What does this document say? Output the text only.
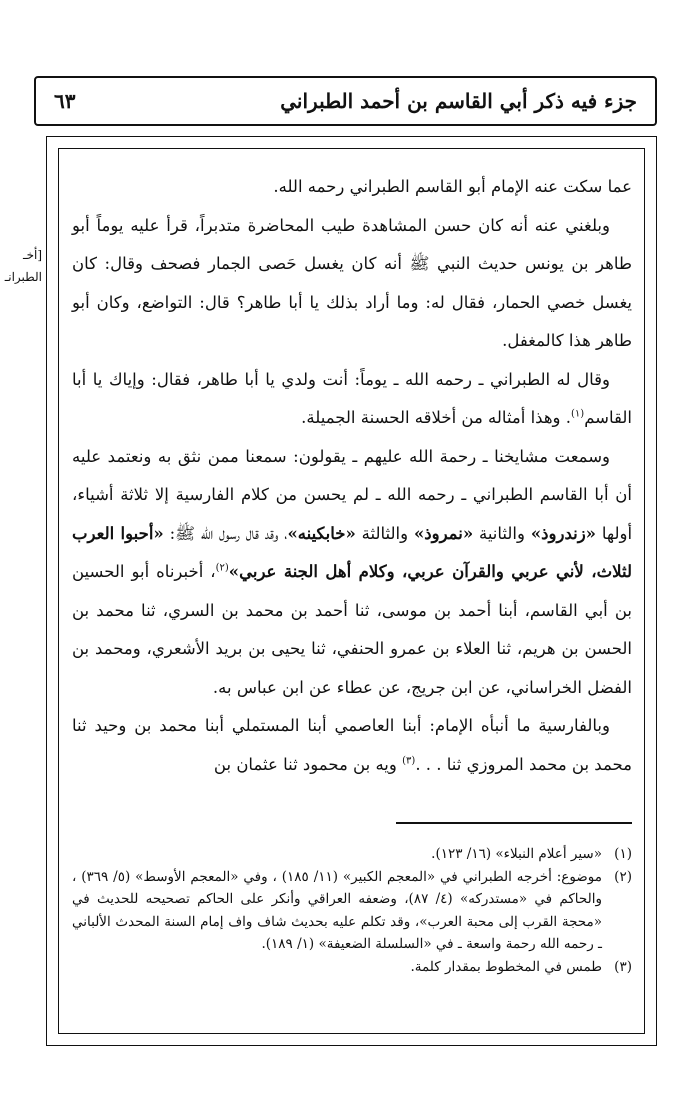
جزء فيه ذكر أبي القاسم بن أحمد الطبراني
٦٣
[أخـ
الطبرانـ

عما سكت عنه الإمام أبو القاسم الطبراني رحمه الله.

وبلغني عنه أنه كان حسن المشاهدة طيب المحاضرة متدبراً، قرأ عليه يوماً أبو طاهر بن يونس حديث النبي ﷺ أنه كان يغسل حَصى الجمار فصحف وقال: كان يغسل خصي الحمار، فقال له: وما أراد بذلك يا أبا طاهر؟ قال: التواضع، وكان أبو طاهر هذا كالمغفل.

وقال له الطبراني ـ رحمه الله ـ يوماً: أنت ولدي يا أبا طاهر، فقال: وإياك يا أبا القاسم$^{(١)}$. وهذا أمثاله من أخلاقه الحسنة الجميلة.

وسمعت مشايخنا ـ رحمة الله عليهم ـ يقولون: سمعنا ممن نثق به ونعتمد عليه أن أبا القاسم الطبراني ـ رحمه الله ـ لم يحسن من كلام الفارسية إلا ثلاثة أشياء، أولها «زندروذ» والثانية «نمروذ» والثالثة «خابكينه»، وقد قال رسول الله ﷺ: «أحبوا العرب لثلاث، لأني عربي والقرآن عربي، وكلام أهل الجنة عربي»$^{(٢)}$، أخبرناه أبو الحسين بن أبي القاسم، أبنا أحمد بن موسى، ثنا أحمد بن محمد بن السري، ثنا محمد بن الحسن بن هريم، ثنا العلاء بن عمرو الحنفي، ثنا يحيى بن بريد الأشعري، ومحمد بن الفضل الخراساني، عن ابن جريج، عن عطاء عن ابن عباس به.

وبالفارسية ما أنبأه الإمام: أبنا العاصمي أبنا المستملي أبنا محمد بن وحيد ثنا محمد بن محمد المروزي ثنا . . .$^{(٣)}$ ويه بن محمود ثنا عثمان بن

(١)
«سير أعلام النبلاء» (١٦/ ١٢٣).
(٢)
موضوع: أخرجه الطبراني في «المعجم الكبير» (١١/ ١٨٥) ، وفي «المعجم الأوسط» (٥/ ٣٦٩) ، والحاكم في «مستدركه» (٤/ ٨٧)، وضعفه العراقي وأنكر على الحاكم تصحيحه للحديث في «محجة القرب إلى محبة العرب»، وقد تكلم عليه بحديث شاف واف إمام السنة المحدث الألباني ـ رحمه الله رحمة واسعة ـ في «السلسلة الضعيفة» (١/ ١٨٩).
(٣)
طمس في المخطوط بمقدار كلمة.
